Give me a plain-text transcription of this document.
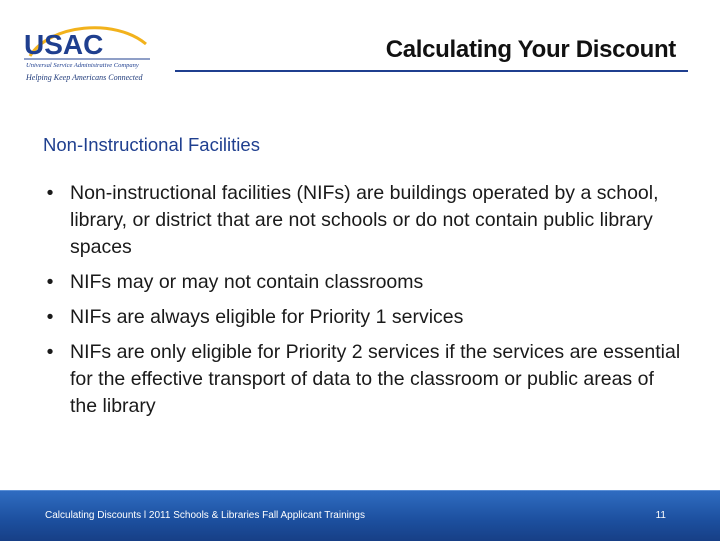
USAC
Universal Service Administrative Company
Helping Keep Americans Connected
Calculating Your Discount
Non-Instructional Facilities
• Non-instructional facilities (NIFs) are buildings operated by a school, library, or district that are not schools or do not contain public library spaces
• NIFs may or may not contain classrooms
• NIFs are always eligible for Priority 1 services
• NIFs are only eligible for Priority 2 services if the services are essential for the effective transport of data to the classroom or public areas of the library
Calculating Discounts l 2011 Schools & Libraries Fall Applicant Trainings	11
